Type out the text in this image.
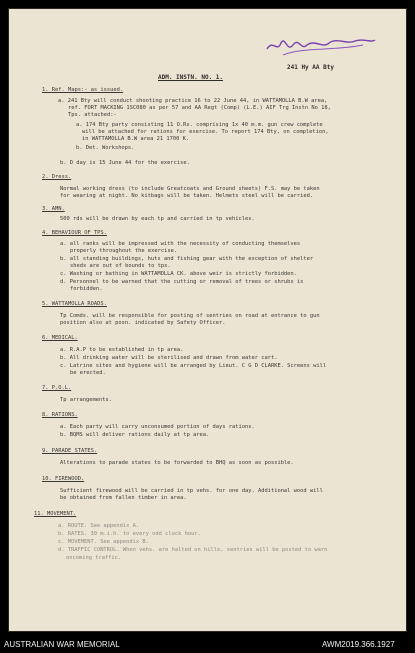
241 Hy AA Bty
ADM. INSTN. NO. 1.
1. Ref. Maps:- as issued.
a. 241 Bty will conduct shooting practice 16 to 22 June 44, in WATTAMOLLA B.W area,
ref. FORT MACKING 1SC080 as per 57 and AA Regt (Comp) (L.E.) AIF Trg Instn No 18,
Tps. attached:-
a. 174 Bty party consisting 11 O.Rs. comprising 1x 40 m.m. gun crew complete
will be attached for rations for exercise. To report 174 Bty, on completion,
in WATTAMOLLA B.W area 21 1700 K.
b. Det. Workshops.
b. D day is 15 June 44 for the exercise.
2. Dress.
Normal working dress (to include Greatcoats and Ground sheets) F.S. may be taken
for wearing at night. No kitbags will be taken. Helmets steel will be carried.
3. AMN.
500 rds will be drawn by each tp and carried in tp vehicles.
4. BEHAVIOUR OF TPS.
a. all ranks will be impressed with the necessity of conducting themselves
properly throughout the exercise.
b. all standing buildings, huts and fishing gear with the exception of shelter
sheds are out of bounds to tps.
c. Washing or bathing in WATTAMOLLA CK. above weir is strictly forbidden.
d. Personnel to be warned that the cutting or removal of trees or shrubs is
forbidden.
5. WATTAMOLLA ROADS.
Tp Comds. will be responsible for posting of sentries on road at entrance to gun
position also at posn. indicated by Safety Officer.
6. MEDICAL.
a. R.A.P to be established in tp area.
b. All drinking water will be sterilised and drawn from water cart.
c. Latrine sites and hygiene will be arranged by Lieut. C G D CLARKE. Screens will
be erected.
7. P.O.L.
Tp arrangements.
8. RATIONS.
a. Each party will carry unconsumed portion of days rations.
b. BQMS will deliver rations daily at tp area.
9. PARADE STATES.
Alterations to parade states to be forwarded to BHQ as soon as possible.
10. FIREWOOD.
Sufficient firewood will be carried in tp vehs. for one day. Additional wood will
be obtained from fallen timber in area.
11. MOVEMENT.
a. ROUTE. See appendix A.
b. RATES. 30 m.i.h. to every odd clock hour.
c. MOVEMENT. See appendix B.
d. TRAFFIC CONTROL. When vehs. are halted on hills, sentries will be posted to warn
oncoming traffic.
AUSTRALIAN WAR MEMORIAL	AWM2019.366.1927
